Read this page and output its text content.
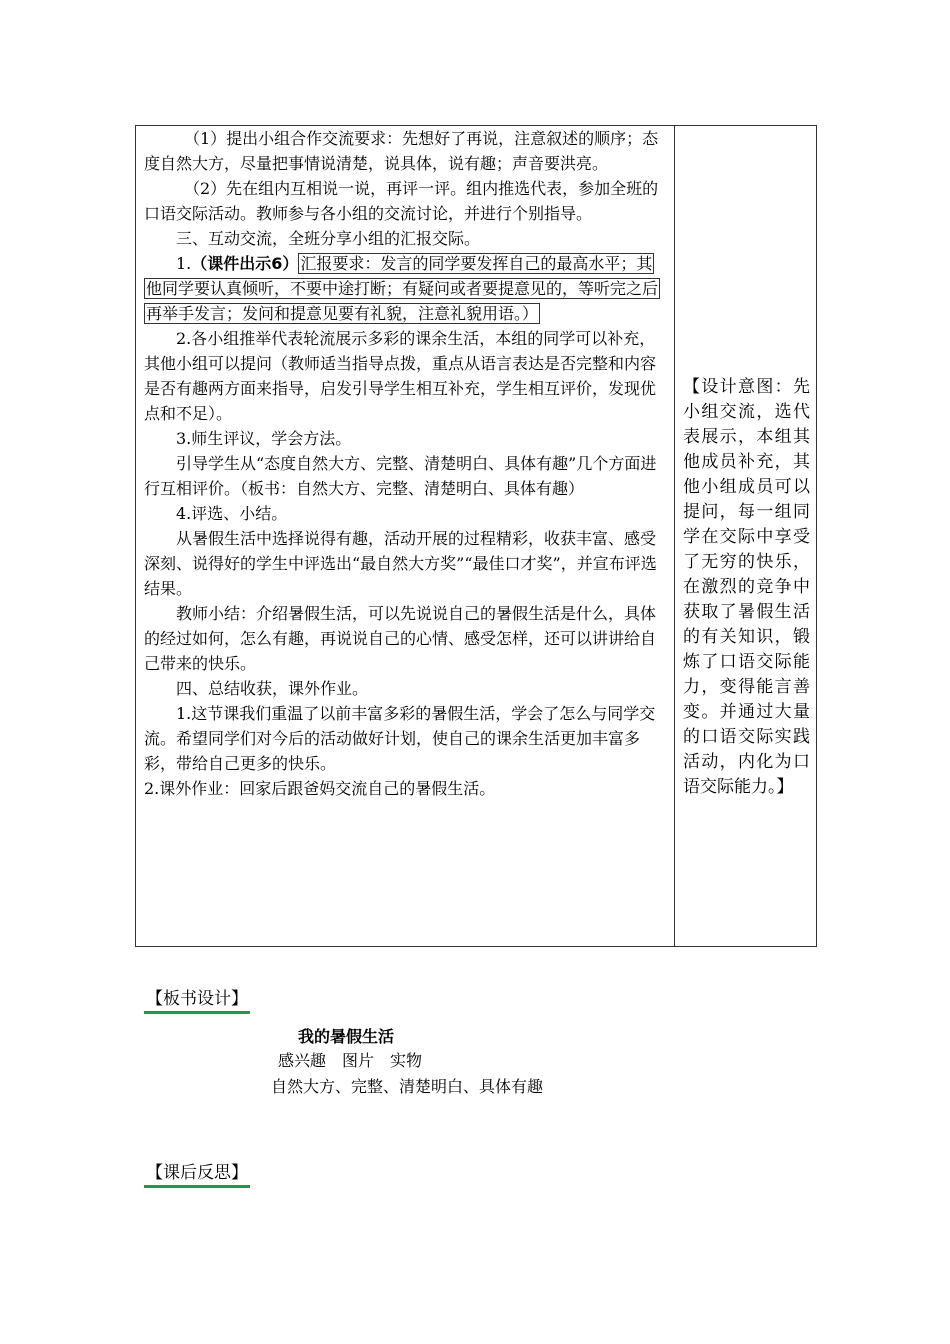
（1）提出小组合作交流要求：先想好了再说，注意叙述的顺序；态度自然大方，尽量把事情说清楚，说具体，说有趣；声音要洪亮。

（2）先在组内互相说一说，再评一评。组内推选代表，参加全班的口语交际活动。教师参与各小组的交流讨论，并进行个别指导。

三、互动交流，全班分享小组的汇报交际。

1.（课件出示6） 汇报要求：发言的同学要发挥自己的最高水平；其他同学要认真倾听，不要中途打断；有疑问或者要提意见的，等听完之后再举手发言；发问和提意见要有礼貌，注意礼貌用语。）

2.各小组推举代表轮流展示多彩的课余生活，本组的同学可以补充，其他小组可以提问（教师适当指导点拨，重点从语言表达是否完整和内容是否有趣两方面来指导，启发引导学生相互补充，学生相互评价，发现优点和不足）。

3.师生评议，学会方法。

引导学生从“态度自然大方、完整、清楚明白、具体有趣”几个方面进行互相评价。（板书：自然大方、完整、清楚明白、具体有趣）

4.评选、小结。

从暑假生活中选择说得有趣，活动开展的过程精彩，收获丰富、感受深刻、说得好的学生中评选出“最自然大方奖”“最佳口才奖”，并宣布评选结果。

教师小结：介绍暑假生活，可以先说说自己的暑假生活是什么，具体的经过如何，怎么有趣，再说说自己的心情、感受怎样，还可以讲讲给自己带来的快乐。

四、总结收获，课外作业。

1.这节课我们重温了以前丰富多彩的暑假生活，学会了怎么与同学交流。希望同学们对今后的活动做好计划，使自己的课余生活更加丰富多彩，带给自己更多的快乐。

2.课外作业：回家后跟爸妈交流自己的暑假生活。

【设计意图：先小组交流，选代表展示，本组其他成员补充，其他小组成员可以提问，每一组同学在交际中享受了无穷的快乐，在激烈的竞争中获取了暑假生活的有关知识，锻炼了口语交际能力，变得能言善变。并通过大量的口语交际实践活动，内化为口语交际能力。】
【板书设计】
我的暑假生活
感兴趣　图片　实物
自然大方、完整、清楚明白、具体有趣
【课后反思】
